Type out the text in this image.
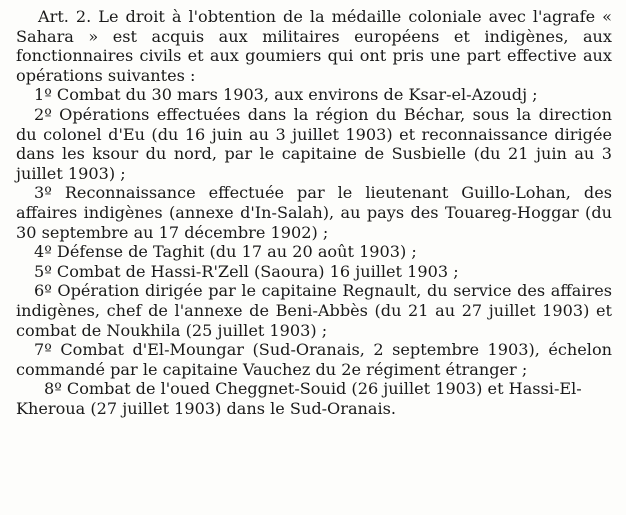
Art. 2. Le droit à l'obtention de la médaille coloniale avec l'agrafe « Sahara » est acquis aux militaires européens et indigènes, aux fonctionnaires civils et aux goumiers qui ont pris une part effective aux opérations suivantes :

1º Combat du 30 mars 1903, aux environs de Ksar-el-Azoudj ;

2º Opérations effectuées dans la région du Béchar, sous la direction du colonel d'Eu (du 16 juin au 3 juillet 1903) et reconnaissance dirigée dans les ksour du nord, par le capitaine de Susbielle (du 21 juin au 3 juillet 1903) ;

3º Reconnaissance effectuée par le lieutenant Guillo-Lohan, des affaires indigènes (annexe d'In-Salah), au pays des Touareg-Hoggar (du 30 septembre au 17 décembre 1902) ;

4º Défense de Taghit (du 17 au 20 août 1903) ;

5º Combat de Hassi-R'Zell (Saoura) 16 juillet 1903 ;

6º Opération dirigée par le capitaine Regnault, du service des affaires indigènes, chef de l'annexe de Beni-Abbès (du 21 au 27 juillet 1903) et combat de Noukhila (25 juillet 1903) ;

7º Combat d'El-Moungar (Sud-Oranais, 2 septembre 1903), échelon commandé par le capitaine Vauchez du 2e régiment étranger ;

8º Combat de l'oued Cheggnet-Souid (26 juillet 1903) et Hassi-El-Kheroua (27 juillet 1903) dans le Sud-Oranais.
